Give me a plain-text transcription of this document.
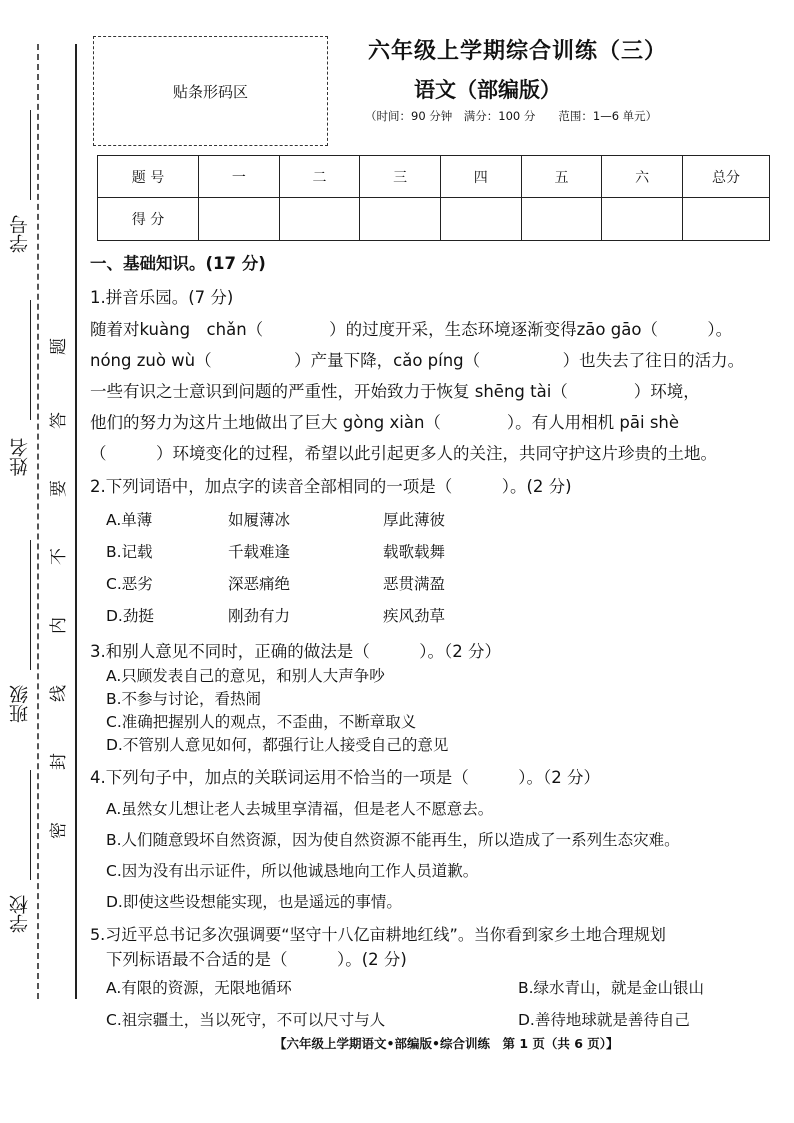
学号
姓名
班级
学校
题
答
要
不
内
线
封
密
贴条形码区
六年级上学期综合训练（三）
语文（部编版）
（时间：90 分钟　满分：100 分　　范围：1—6 单元）
题 号	一	二	三	四	五	六	总分
得 分							
一、基础知识。(17 分)
1.拼音乐园。(7 分)
随着对kuàng　chǎn（　　　　）的过度开采，生态环境逐渐变得zāo gāo（　　　）。
nóng zuò wù（　　　　　）产量下降，cǎo píng（　　　　　）也失去了往日的活力。
一些有识之士意识到问题的严重性，开始致力于恢复 shēng tài（　　　　）环境，
他们的努力为这片土地做出了巨大 gòng xiàn（　　　　）。有人用相机 pāi shè
（　　　）环境变化的过程，希望以此引起更多人的关注，共同守护这片珍贵的土地。
2.下列词语中，加点字的读音全部相同的一项是（　　　）。(2 分)
A.单薄	如履薄冰	厚此薄彼
B.记载	千载难逢	载歌载舞
C.恶劣	深恶痛绝	恶贯满盈
D.劲挺	刚劲有力	疾风劲草
3.和别人意见不同时，正确的做法是（　　　）。（2 分）
A.只顾发表自己的意见，和别人大声争吵
B.不参与讨论，看热闹
C.准确把握别人的观点，不歪曲，不断章取义
D.不管别人意见如何，都强行让人接受自己的意见
4.下列句子中，加点的关联词运用不恰当的一项是（　　　）。（2 分）
A.虽然女儿想让老人去城里享清福，但是老人不愿意去。
B.人们随意毁坏自然资源，因为使自然资源不能再生，所以造成了一系列生态灾难。
C.因为没有出示证件，所以他诚恳地向工作人员道歉。
D.即使这些设想能实现，也是遥远的事情。
5.习近平总书记多次强调要“坚守十八亿亩耕地红线”。当你看到家乡土地合理规划
下列标语最不合适的是（　　　）。(2 分)
A.有限的资源，无限地循环	B.绿水青山，就是金山银山
C.祖宗疆土，当以死守，不可以尺寸与人	D.善待地球就是善待自己
【六年级上学期语文•部编版•综合训练　第 1 页（共 6 页）】
